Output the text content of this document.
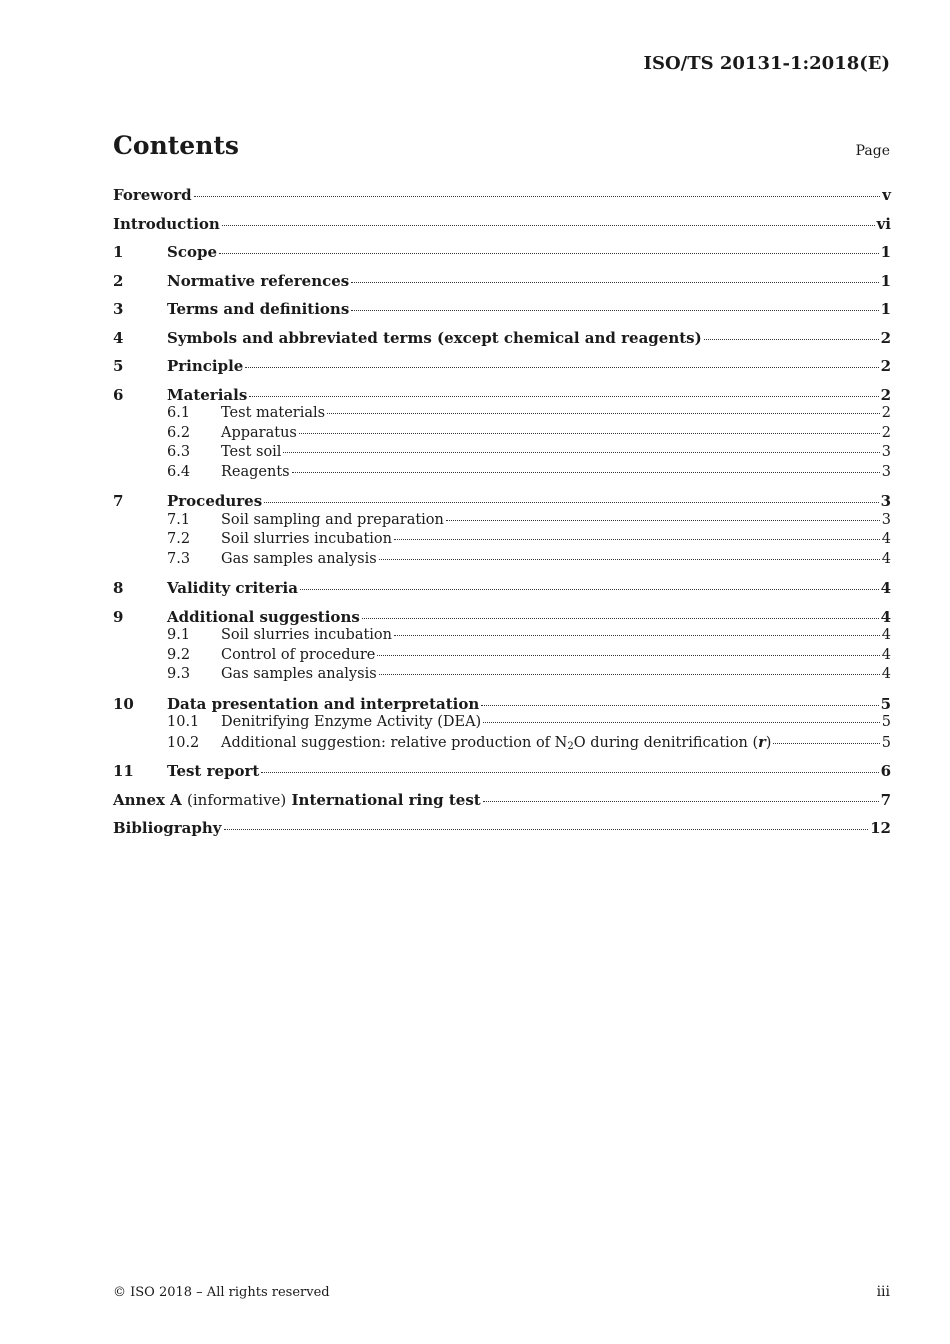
ISO/TS 20131-1:2018(E)
Contents	Page
Foreword	v
Introduction	vi
1	Scope	1
2	Normative references	1
3	Terms and definitions	1
4	Symbols and abbreviated terms (except chemical and reagents)	2
5	Principle	2
6	Materials	2
6.1	Test materials	2
6.2	Apparatus	2
6.3	Test soil	3
6.4	Reagents	3
7	Procedures	3
7.1	Soil sampling and preparation	3
7.2	Soil slurries incubation	4
7.3	Gas samples analysis	4
8	Validity criteria	4
9	Additional suggestions	4
9.1	Soil slurries incubation	4
9.2	Control of procedure	4
9.3	Gas samples analysis	4
10	Data presentation and interpretation	5
10.1	Denitrifying Enzyme Activity (DEA)	5
10.2	Additional suggestion: relative production of $N_2O$ during denitrification (r)	5
11	Test report	6
Annex A (informative) International ring test	7
Bibliography	12
© ISO 2018 – All rights reserved	iii
